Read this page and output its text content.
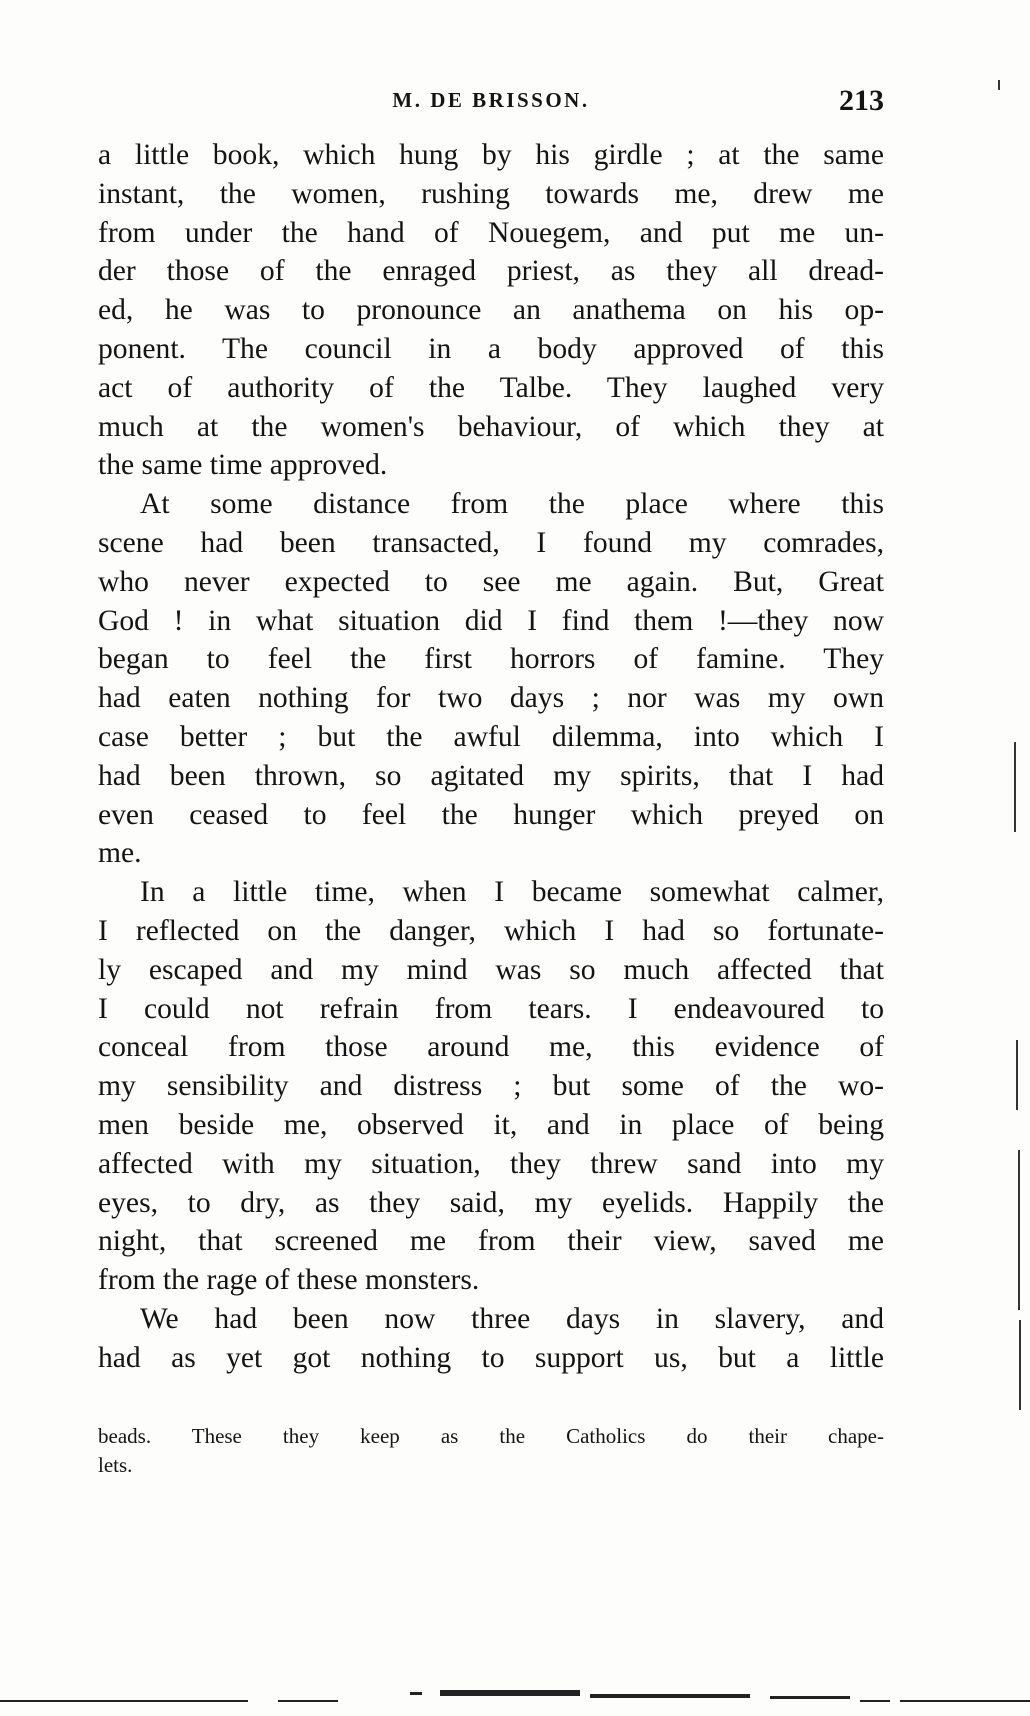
M. DE BRISSON.	213
a little book, which hung by his girdle ; at the same
instant, the women, rushing towards me, drew me
from under the hand of Nouegem, and put me un-
der those of the enraged priest, as they all dread-
ed, he was to pronounce an anathema on his op-
ponent. The council in a body approved of this
act of authority of the Talbe. They laughed very
much at the women's behaviour, of which they at
the same time approved.
At some distance from the place where this
scene had been transacted, I found my comrades,
who never expected to see me again. But, Great
God ! in what situation did I find them !—they now
began to feel the first horrors of famine. They
had eaten nothing for two days ; nor was my own
case better ; but the awful dilemma, into which I
had been thrown, so agitated my spirits, that I had
even ceased to feel the hunger which preyed on
me.
In a little time, when I became somewhat calmer,
I reflected on the danger, which I had so fortunate-
ly escaped and my mind was so much affected that
I could not refrain from tears. I endeavoured to
conceal from those around me, this evidence of
my sensibility and distress ; but some of the wo-
men beside me, observed it, and in place of being
affected with my situation, they threw sand into my
eyes, to dry, as they said, my eyelids. Happily the
night, that screened me from their view, saved me
from the rage of these monsters.
We had been now three days in slavery, and
had as yet got nothing to support us, but a little
beads. These they keep as the Catholics do their chape-
lets.
